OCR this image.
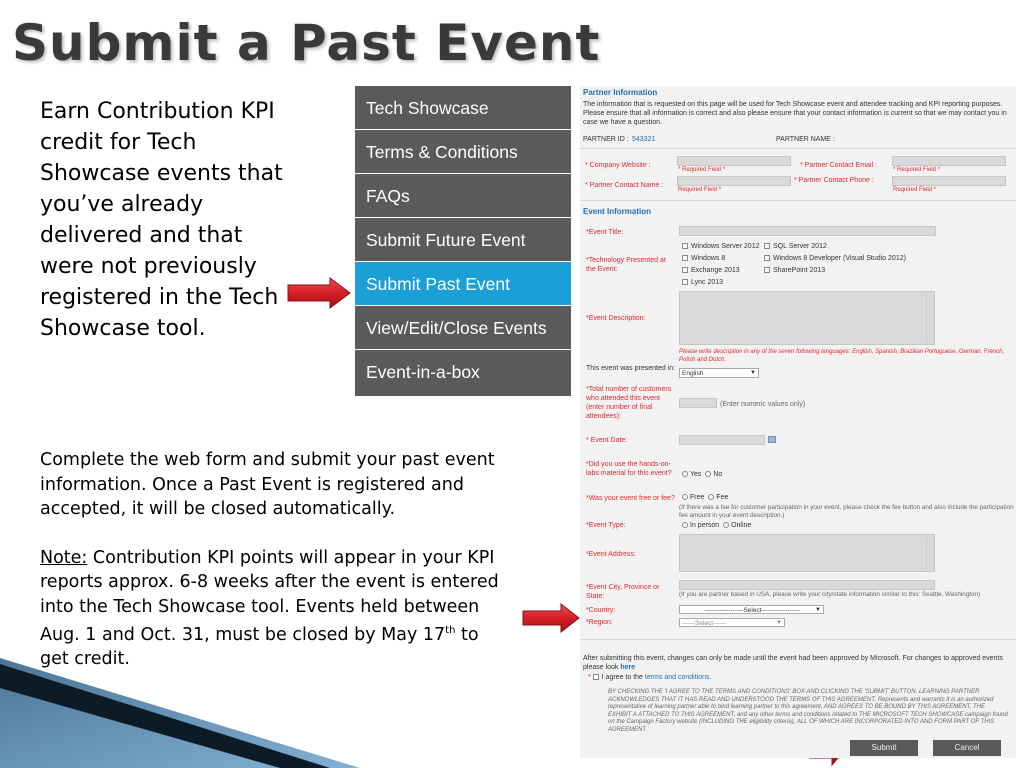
Submit a Past Event
Earn Contribution KPI credit for Tech Showcase events that you’ve already delivered and that were not previously registered in the Tech Showcase tool.

Complete the web form and submit your past event information. Once a Past Event is registered and accepted, it will be closed automatically.

Note: Contribution KPI points will appear in your KPI reports approx. 6-8 weeks after the event is entered into the Tech Showcase tool. Events held between Aug. 1 and Oct. 31, must be closed by May 17th to get credit.

Tech Showcase
Terms & Conditions
FAQs
Submit Future Event
Submit Past Event
View/Edit/Close Events
Event-in-a-box
Partner Information
The information that is requested on this page will be used for Tech Showcase event and attendee tracking and KPI reporting purposes. Please ensure that all information is correct and also please ensure that your contact information is current so that we may contact you in case we have a question.
PARTNER ID : 543321	PARTNER NAME :
* Company Website :
* Required Field *
* Partner Contact Email :
* Required Field *
* Partner Contact Name :
Required Field *
* Partner Contact Phone :
Required Field *
Event Information
*Event Title:
*Technology Presented at the Event:
Windows Server 2012	SQL Server 2012
Windows 8	Windows 8 Developer (Visual Studio 2012)
Exchange 2013	SharePoint 2013
Lync 2013
*Event Description:
Please write description in any of the seven following languages: English, Spanish, Brazilian Portuguese, German, French, Polish and Dutch.
This event was presented in:
English	▼
*Total number of customers who attended this event (enter number of final attendees):
(Enter numeric values only)
* Event Date:
*Did you use the hands-on-labs material for this event?	Yes No
*Was your event free or fee?	Free Fee
(If there was a fee for customer participation in your event, please check the fee button and also include the participation fee amount in your event description.)
*Event Type:	In person Online
*Event Address:
*Event City, Province or State:	(If you are partner based in USA, please write your city/state information similar to this: Seattle, Washington)
*Country:	------------------Select------------------ ▼
*Region:	------Select------	▼
After submitting this event, changes can only be made until the event had been approved by Microsoft. For changes to approved events please look here
* I agree to the terms and conditions.
BY CHECKING THE 'I AGREE TO THE TERMS AND CONDITIONS' BOX AND CLICKING THE 'SUBMIT' BUTTON, LEARNING PARTNER ACKNOWLEDGES THAT IT HAS READ AND UNDERSTOOD THE TERMS OF THIS AGREEMENT, Represents and warrants it is an authorized representative of learning partner able to bind learning partner to this agreement, AND AGREES TO BE BOUND BY THIS AGREEMENT, THE EXHIBIT A ATTACHED TO THIS AGREEMENT, and any other terms and conditions related to THE MICROSOFT TECH SHOWCASE campaign found on the Campaign Factory website (INCLUDING THE eligibility criteria), ALL OF WHICH ARE INCORPORATED INTO AND FORM PART OF THIS AGREEMENT.
Submit	Cancel
